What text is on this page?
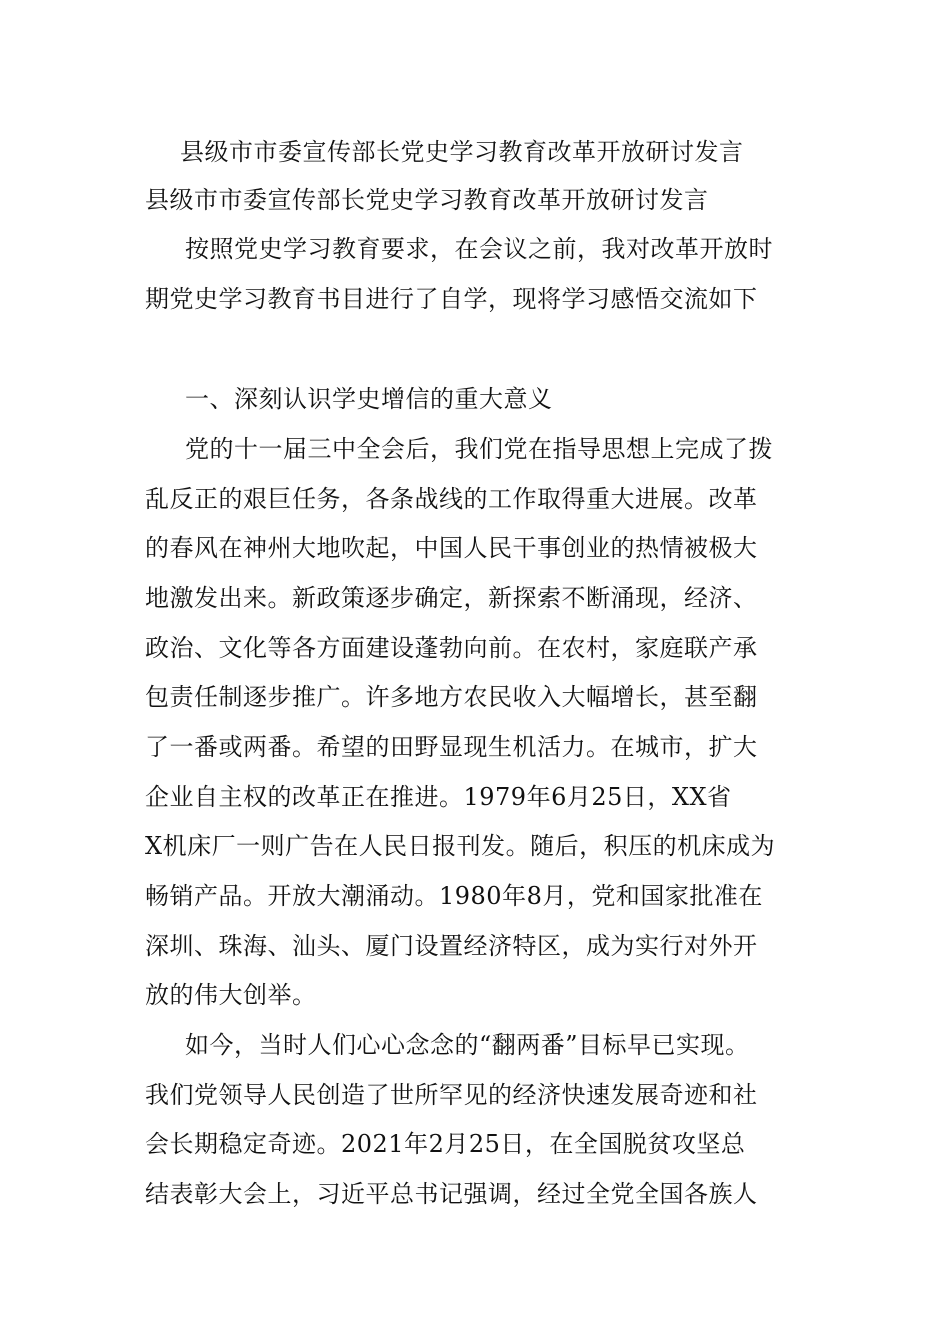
县级市市委宣传部长党史学习教育改革开放研讨发言
县级市市委宣传部长党史学习教育改革开放研讨发言
按照党史学习教育要求，在会议之前，我对改革开放时
期党史学习教育书目进行了自学，现将学习感悟交流如下
一、深刻认识学史增信的重大意义
党的十一届三中全会后，我们党在指导思想上完成了拨
乱反正的艰巨任务，各条战线的工作取得重大进展。改革
的春风在神州大地吹起，中国人民干事创业的热情被极大
地激发出来。新政策逐步确定，新探索不断涌现，经济、
政治、文化等各方面建设蓬勃向前。在农村，家庭联产承
包责任制逐步推广。许多地方农民收入大幅增长，甚至翻
了一番或两番。希望的田野显现生机活力。在城市，扩大
企业自主权的改革正在推进。1979年6月25日，XX省
X机床厂一则广告在人民日报刊发。随后，积压的机床成为
畅销产品。开放大潮涌动。1980年8月，党和国家批准在
深圳、珠海、汕头、厦门设置经济特区，成为实行对外开
放的伟大创举。
如今，当时人们心心念念的“翻两番”目标早已实现。
我们党领导人民创造了世所罕见的经济快速发展奇迹和社
会长期稳定奇迹。2021年2月25日，在全国脱贫攻坚总
结表彰大会上，习近平总书记强调，经过全党全国各族人
